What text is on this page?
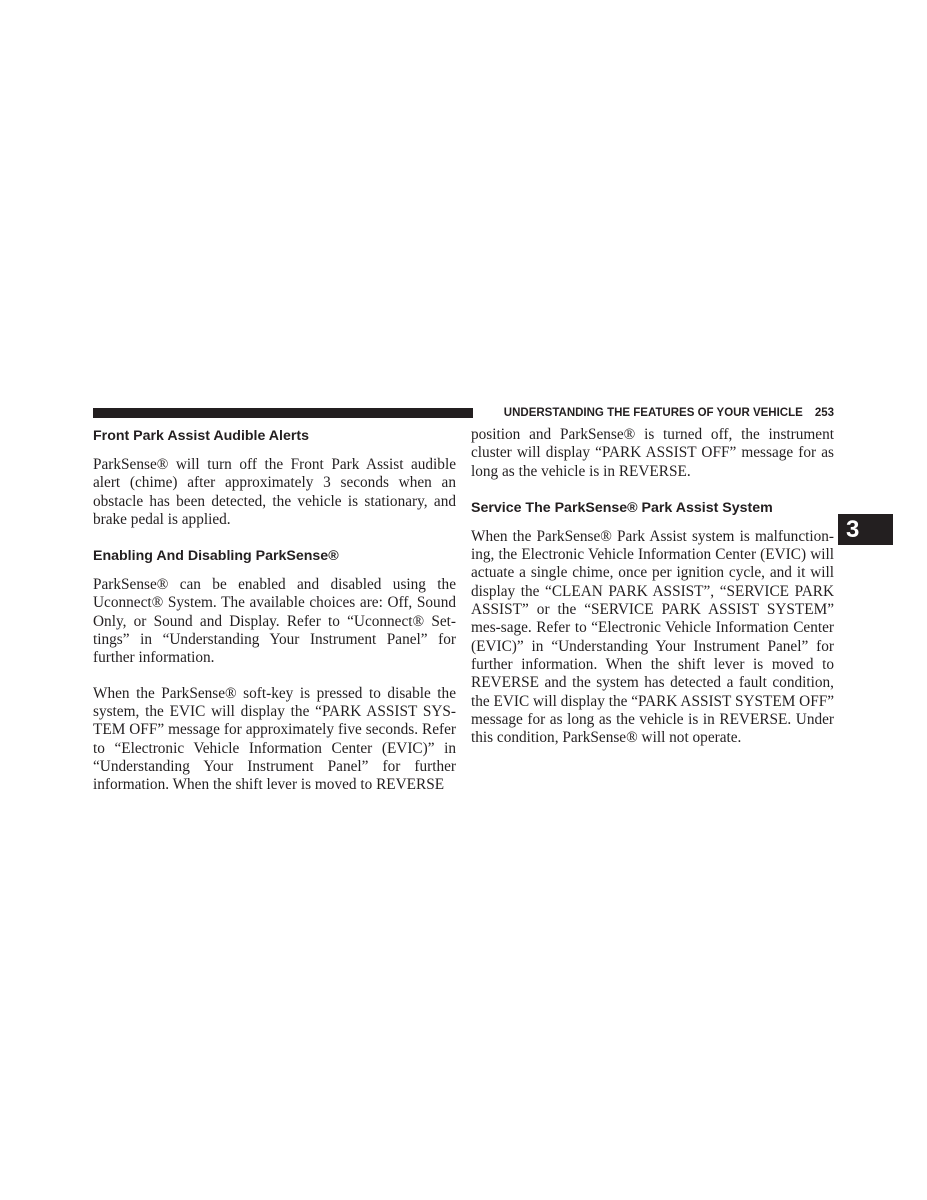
UNDERSTANDING THE FEATURES OF YOUR VEHICLE 253
3
Front Park Assist Audible Alerts

ParkSense® will turn off the Front Park Assist audible alert (chime) after approximately 3 seconds when an obstacle has been detected, the vehicle is stationary, and brake pedal is applied.

Enabling And Disabling ParkSense®

ParkSense® can be enabled and disabled using the Uconnect® System. The available choices are: Off, Sound Only, or Sound and Display. Refer to “Uconnect® Set-tings” in “Understanding Your Instrument Panel” for further information.

When the ParkSense® soft-key is pressed to disable the system, the EVIC will display the “PARK ASSIST SYS-TEM OFF” message for approximately five seconds. Refer to “Electronic Vehicle Information Center (EVIC)” in “Understanding Your Instrument Panel” for further information. When the shift lever is moved to REVERSE

position and ParkSense® is turned off, the instrument cluster will display “PARK ASSIST OFF” message for as long as the vehicle is in REVERSE.

Service The ParkSense® Park Assist System

When the ParkSense® Park Assist system is malfunction-ing, the Electronic Vehicle Information Center (EVIC) will actuate a single chime, once per ignition cycle, and it will display the “CLEAN PARK ASSIST”, “SERVICE PARK ASSIST” or the “SERVICE PARK ASSIST SYSTEM” mes-sage. Refer to “Electronic Vehicle Information Center (EVIC)” in “Understanding Your Instrument Panel” for further information. When the shift lever is moved to REVERSE and the system has detected a fault condition, the EVIC will display the “PARK ASSIST SYSTEM OFF” message for as long as the vehicle is in REVERSE. Under this condition, ParkSense® will not operate.
